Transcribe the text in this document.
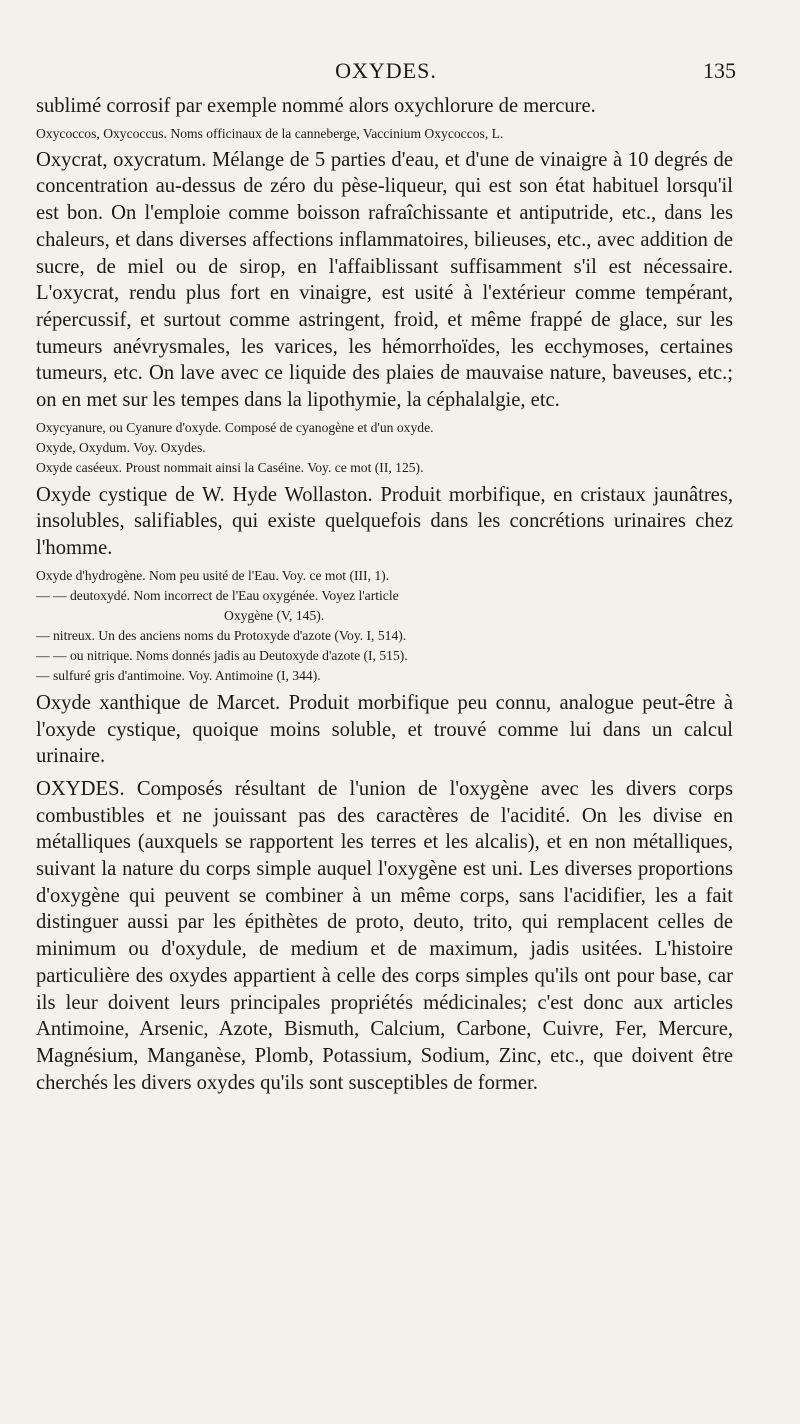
OXYDES.	135

sublimé corrosif par exemple nommé alors oxychlorure de mercure.

Oxycoccos, Oxycoccus. Noms officinaux de la canneberge, Vaccinium Oxycoccos, L.

Oxycrat, oxycratum. Mélange de 5 parties d'eau, et d'une de vinaigre à 10 degrés de concentration au-dessus de zéro du pèse-liqueur, qui est son état habituel lorsqu'il est bon. On l'emploie comme boisson rafraîchissante et antiputride, etc., dans les chaleurs, et dans diverses affections inflammatoires, bilieuses, etc., avec addition de sucre, de miel ou de sirop, en l'affaiblissant suffisamment s'il est nécessaire. L'oxycrat, rendu plus fort en vinaigre, est usité à l'extérieur comme tempérant, répercussif, et surtout comme astringent, froid, et même frappé de glace, sur les tumeurs anévrysmales, les varices, les hémorrhoïdes, les ecchymoses, certaines tumeurs, etc. On lave avec ce liquide des plaies de mauvaise nature, baveuses, etc.; on en met sur les tempes dans la lipothymie, la céphalalgie, etc.

Oxycyanure, ou Cyanure d'oxyde. Composé de cyanogène et d'un oxyde.

Oxyde, Oxydum. Voy. Oxydes.

Oxyde caséeux. Proust nommait ainsi la Caséine. Voy. ce mot (II, 125).

Oxyde cystique de W. Hyde Wollaston. Produit morbifique, en cristaux jaunâtres, insolubles, salifiables, qui existe quelquefois dans les concrétions urinaires chez l'homme.

Oxyde d'hydrogène. Nom peu usité de l'Eau. Voy. ce mot (III, 1).

— — deutoxydé. Nom incorrect de l'Eau oxygénée. Voyez l'article

Oxygène (V, 145).

— nitreux. Un des anciens noms du Protoxyde d'azote (Voy. I, 514).

— — ou nitrique. Noms donnés jadis au Deutoxyde d'azote (I, 515).

— sulfuré gris d'antimoine. Voy. Antimoine (I, 344).

Oxyde xanthique de Marcet. Produit morbifique peu connu, analogue peut-être à l'oxyde cystique, quoique moins soluble, et trouvé comme lui dans un calcul urinaire.

OXYDES. Composés résultant de l'union de l'oxygène avec les divers corps combustibles et ne jouissant pas des caractères de l'acidité. On les divise en métalliques (auxquels se rapportent les terres et les alcalis), et en non métalliques, suivant la nature du corps simple auquel l'oxygène est uni. Les diverses proportions d'oxygène qui peuvent se combiner à un même corps, sans l'acidifier, les a fait distinguer aussi par les épithètes de proto, deuto, trito, qui remplacent celles de minimum ou d'oxydule, de medium et de maximum, jadis usitées. L'histoire particulière des oxydes appartient à celle des corps simples qu'ils ont pour base, car ils leur doivent leurs principales propriétés médicinales; c'est donc aux articles Antimoine, Arsenic, Azote, Bismuth, Calcium, Carbone, Cuivre, Fer, Mercure, Magnésium, Manganèse, Plomb, Potassium, Sodium, Zinc, etc., que doivent être cherchés les divers oxydes qu'ils sont susceptibles de former.
